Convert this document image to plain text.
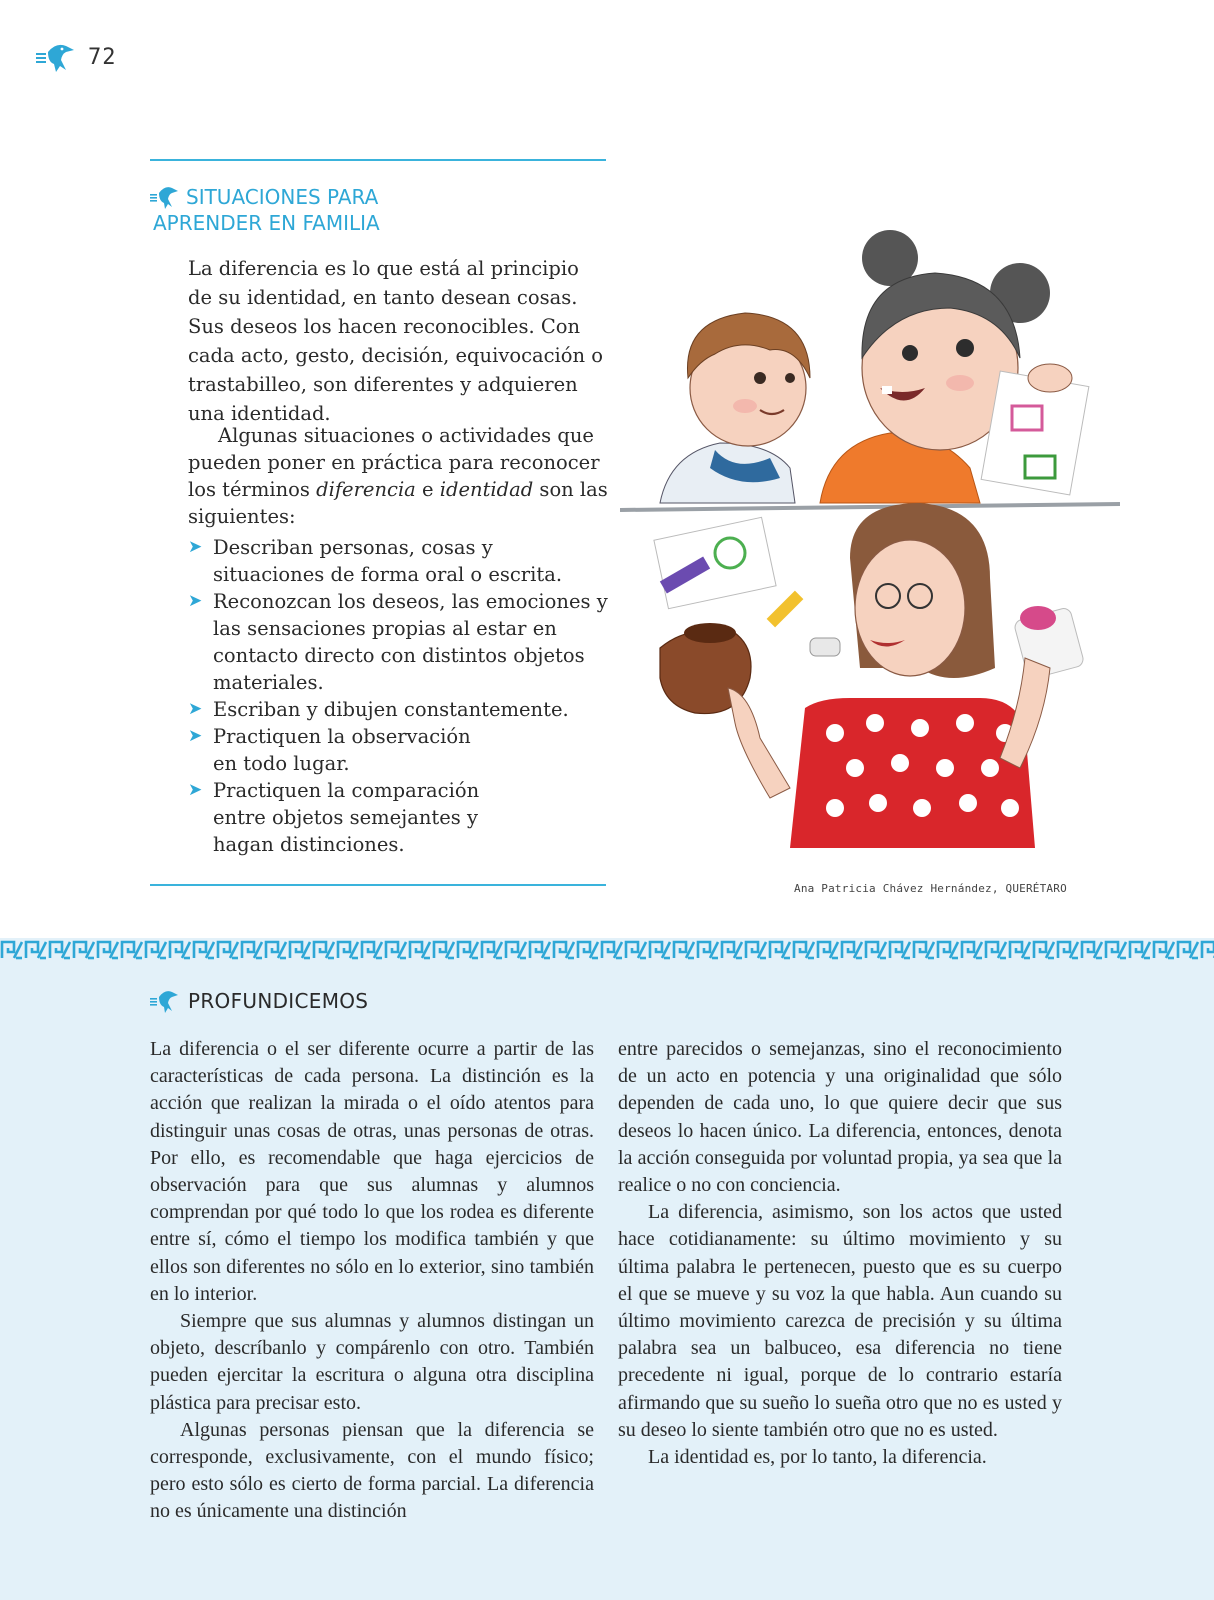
72
SITUACIONES PARA
APRENDER EN FAMILIA

La diferencia es lo que está al principio de su identidad, en tanto desean cosas. Sus deseos los hacen reconocibles. Con cada acto, gesto, decisión, equivocación o trastabilleo, son diferentes y adquieren una identidad.

Algunas situaciones o actividades que pueden poner en práctica para reconocer los términos diferencia e identidad son las siguientes:

➤ Describan personas, cosas y situaciones de forma oral o escrita.
➤ Reconozcan los deseos, las emociones y las sensaciones propias al estar en contacto directo con distintos objetos materiales.
➤ Escriban y dibujen constantemente.
➤ Practiquen la observación en todo lugar.
➤ Practiquen la comparación entre objetos semejantes y hagan distinciones.
Ana Patricia Chávez Hernández, QUERÉTARO
PROFUNDICEMOS

La diferencia o el ser diferente ocurre a partir de las características de cada persona. La distinción es la acción que realizan la mirada o el oído atentos para distinguir unas cosas de otras, unas personas de otras. Por ello, es recomendable que haga ejercicios de observación para que sus alumnas y alumnos comprendan por qué todo lo que los rodea es diferente entre sí, cómo el tiempo los modifica también y que ellos son diferentes no sólo en lo exterior, sino también en lo interior.

Siempre que sus alumnas y alumnos distingan un objeto, descríbanlo y compárenlo con otro. También pueden ejercitar la escritura o alguna otra disciplina plástica para precisar esto.

Algunas personas piensan que la diferencia se corresponde, exclusivamente, con el mundo físico; pero esto sólo es cierto de forma parcial. La diferencia no es únicamente una distinción

entre parecidos o semejanzas, sino el reconocimiento de un acto en potencia y una originalidad que sólo dependen de cada uno, lo que quiere decir que sus deseos lo hacen único. La diferencia, entonces, denota la acción conseguida por voluntad propia, ya sea que la realice o no con conciencia.

La diferencia, asimismo, son los actos que usted hace cotidianamente: su último movimiento y su última palabra le pertenecen, puesto que es su cuerpo el que se mueve y su voz la que habla. Aun cuando su último movimiento carezca de precisión y su última palabra sea un balbuceo, esa diferencia no tiene precedente ni igual, porque de lo contrario estaría afirmando que su sueño lo sueña otro que no es usted y su deseo lo siente también otro que no es usted.

La identidad es, por lo tanto, la diferencia.
